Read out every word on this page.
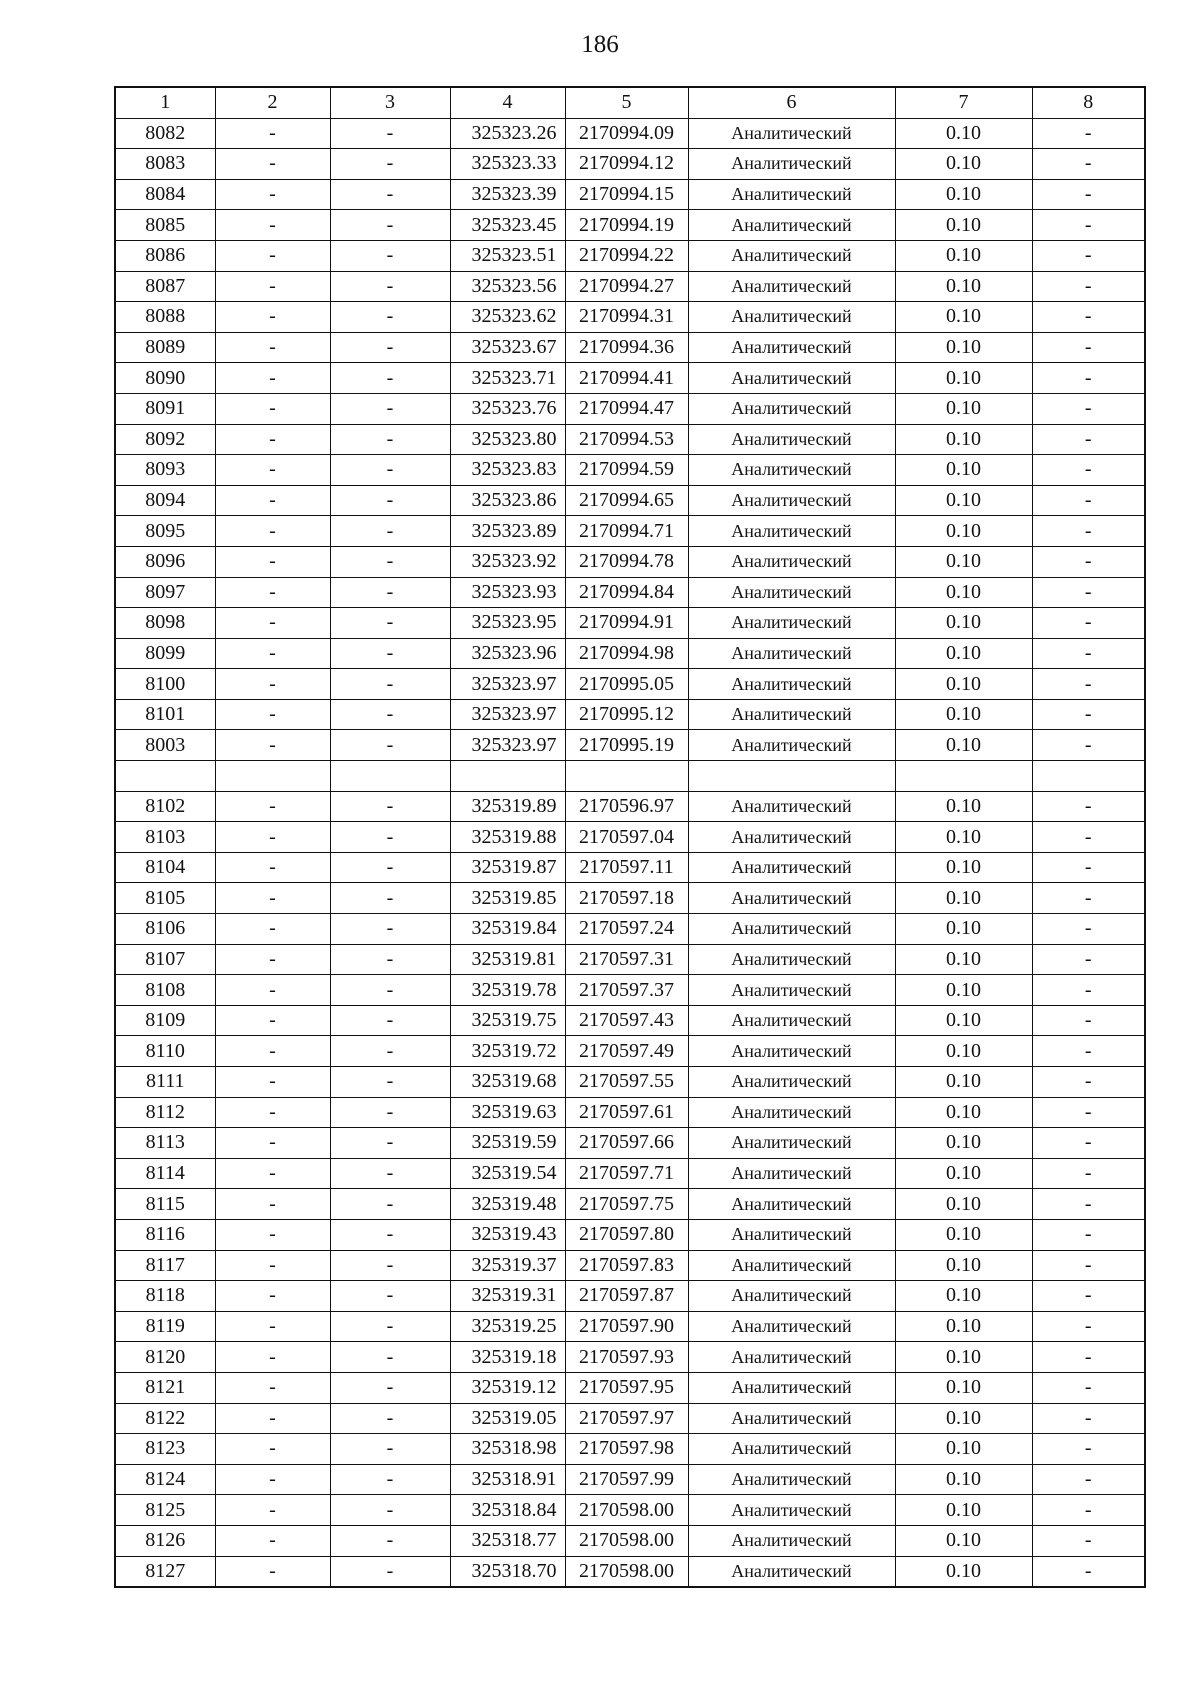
186
1	2	3	4	5	6	7	8
8082	-	-	325323.26	2170994.09	Аналитический	0.10	-
8083	-	-	325323.33	2170994.12	Аналитический	0.10	-
8084	-	-	325323.39	2170994.15	Аналитический	0.10	-
8085	-	-	325323.45	2170994.19	Аналитический	0.10	-
8086	-	-	325323.51	2170994.22	Аналитический	0.10	-
8087	-	-	325323.56	2170994.27	Аналитический	0.10	-
8088	-	-	325323.62	2170994.31	Аналитический	0.10	-
8089	-	-	325323.67	2170994.36	Аналитический	0.10	-
8090	-	-	325323.71	2170994.41	Аналитический	0.10	-
8091	-	-	325323.76	2170994.47	Аналитический	0.10	-
8092	-	-	325323.80	2170994.53	Аналитический	0.10	-
8093	-	-	325323.83	2170994.59	Аналитический	0.10	-
8094	-	-	325323.86	2170994.65	Аналитический	0.10	-
8095	-	-	325323.89	2170994.71	Аналитический	0.10	-
8096	-	-	325323.92	2170994.78	Аналитический	0.10	-
8097	-	-	325323.93	2170994.84	Аналитический	0.10	-
8098	-	-	325323.95	2170994.91	Аналитический	0.10	-
8099	-	-	325323.96	2170994.98	Аналитический	0.10	-
8100	-	-	325323.97	2170995.05	Аналитический	0.10	-
8101	-	-	325323.97	2170995.12	Аналитический	0.10	-
8003	-	-	325323.97	2170995.19	Аналитический	0.10	-

8102	-	-	325319.89	2170596.97	Аналитический	0.10	-
8103	-	-	325319.88	2170597.04	Аналитический	0.10	-
8104	-	-	325319.87	2170597.11	Аналитический	0.10	-
8105	-	-	325319.85	2170597.18	Аналитический	0.10	-
8106	-	-	325319.84	2170597.24	Аналитический	0.10	-
8107	-	-	325319.81	2170597.31	Аналитический	0.10	-
8108	-	-	325319.78	2170597.37	Аналитический	0.10	-
8109	-	-	325319.75	2170597.43	Аналитический	0.10	-
8110	-	-	325319.72	2170597.49	Аналитический	0.10	-
8111	-	-	325319.68	2170597.55	Аналитический	0.10	-
8112	-	-	325319.63	2170597.61	Аналитический	0.10	-
8113	-	-	325319.59	2170597.66	Аналитический	0.10	-
8114	-	-	325319.54	2170597.71	Аналитический	0.10	-
8115	-	-	325319.48	2170597.75	Аналитический	0.10	-
8116	-	-	325319.43	2170597.80	Аналитический	0.10	-
8117	-	-	325319.37	2170597.83	Аналитический	0.10	-
8118	-	-	325319.31	2170597.87	Аналитический	0.10	-
8119	-	-	325319.25	2170597.90	Аналитический	0.10	-
8120	-	-	325319.18	2170597.93	Аналитический	0.10	-
8121	-	-	325319.12	2170597.95	Аналитический	0.10	-
8122	-	-	325319.05	2170597.97	Аналитический	0.10	-
8123	-	-	325318.98	2170597.98	Аналитический	0.10	-
8124	-	-	325318.91	2170597.99	Аналитический	0.10	-
8125	-	-	325318.84	2170598.00	Аналитический	0.10	-
8126	-	-	325318.77	2170598.00	Аналитический	0.10	-
8127	-	-	325318.70	2170598.00	Аналитический	0.10	-
